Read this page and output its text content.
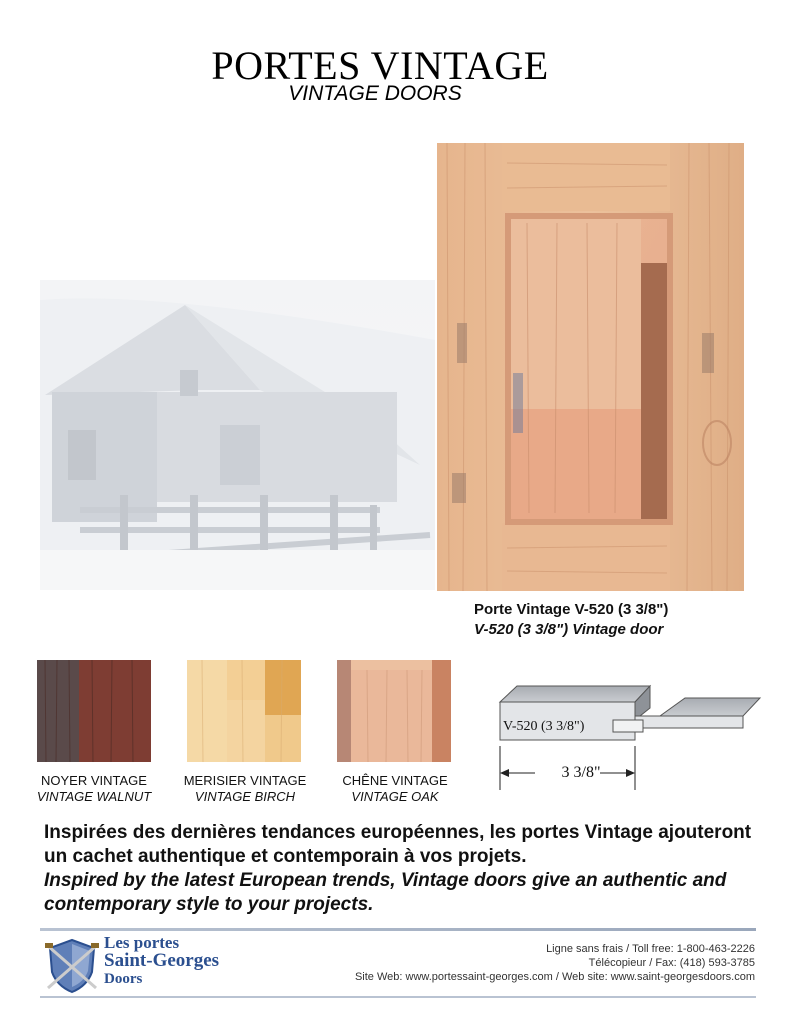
PORTES VINTAGE
VINTAGE DOORS
Porte Vintage V-520 (3 3/8")
V-520 (3 3/8") Vintage door
NOYER VINTAGE
VINTAGE WALNUT
MERISIER VINTAGE
VINTAGE BIRCH
CHÊNE VINTAGE
VINTAGE OAK
V-520 (3 3/8")
3 3/8"
Inspirées des dernières tendances européennes, les portes Vintage ajouteront un cachet authentique et contemporain à vos projets.
Inspired by the latest European trends, Vintage doors give an authentic and contemporary style to your projects.
Les portes
Saint-Georges
Doors
Ligne sans frais / Toll free: 1-800-463-2226
Télécopieur / Fax: (418) 593-3785
Site Web: www.portessaint-georges.com / Web site: www.saint-georgesdoors.com
